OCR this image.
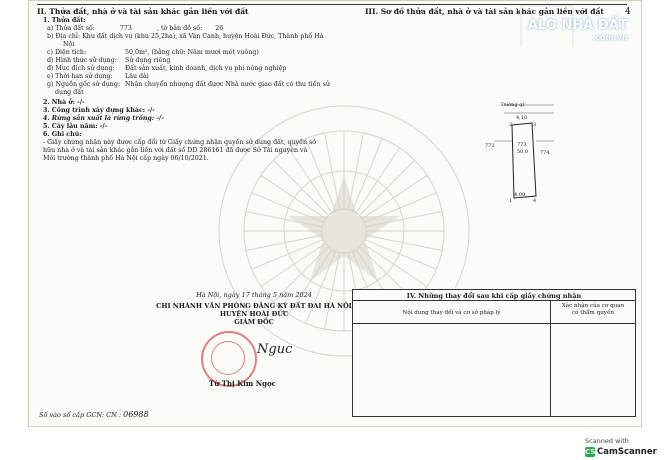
II. Thửa đất, nhà ở và tài sản khác gắn liền với đất
1. Thửa đất:
a) Thửa đất số:	773	, tờ bản đồ số: 26
b) Địa chỉ: Khu đất dịch vụ (khu 25,2ha), xã Vân Canh, huyện Hoài Đức, Thành phố Hà
Nội
c) Diện tích:	50,0m², (bằng chữ: Năm mươi mét vuông)
d) Hình thức sử dụng: Sử dụng riêng
đ) Mục đích sử dụng: Đất sản xuất, kinh doanh, dịch vụ phi nông nghiệp
e) Thời hạn sử dụng: Lâu dài
g) Nguồn gốc sử dụng: Nhận chuyển nhượng đất được Nhà nước giao đất có thu tiền sử
dụng đất
2. Nhà ở: -/-
3. Công trình xây dựng khác: -/-
4. Rừng sản xuất là rừng trồng: -/-
5. Cây lâu năm: -/-
6. Ghi chú:
- Giấy chứng nhận này được cấp đổi từ Giấy chứng nhận quyền sử dụng đất, quyền sở
hữu nhà ở và tài sản khác gắn liền với đất số DD 286161 đã được Sở Tài nguyên và
Môi trường thành phố Hà Nội cấp ngày 06/10/2021.
III. Sơ đồ thửa đất, nhà ở và tài sản khác gắn liền với đất 4
Đường ql
4,10
773
50,0
772
774
4,09
2	3
1	4
Hà Nội, ngày 17 tháng 5 năm 2024
CHI NHÁNH VĂN PHÒNG ĐĂNG KÝ ĐẤT ĐAI HÀ NỘI
HUYỆN HOÀI ĐỨC
GIÁM ĐỐC
Nguc
Từ Thị Kim Ngọc
IV. Những thay đổi sau khi cấp giấy chứng nhận
Nội dung thay đổi và cơ sở pháp lý
Xác nhận của cơ quan
có thẩm quyền
Số vào sổ cấp GCN: CN : 06988
ALO NHÀ ĐẤT
.com.vn
Scanned with
CS CamScanner
